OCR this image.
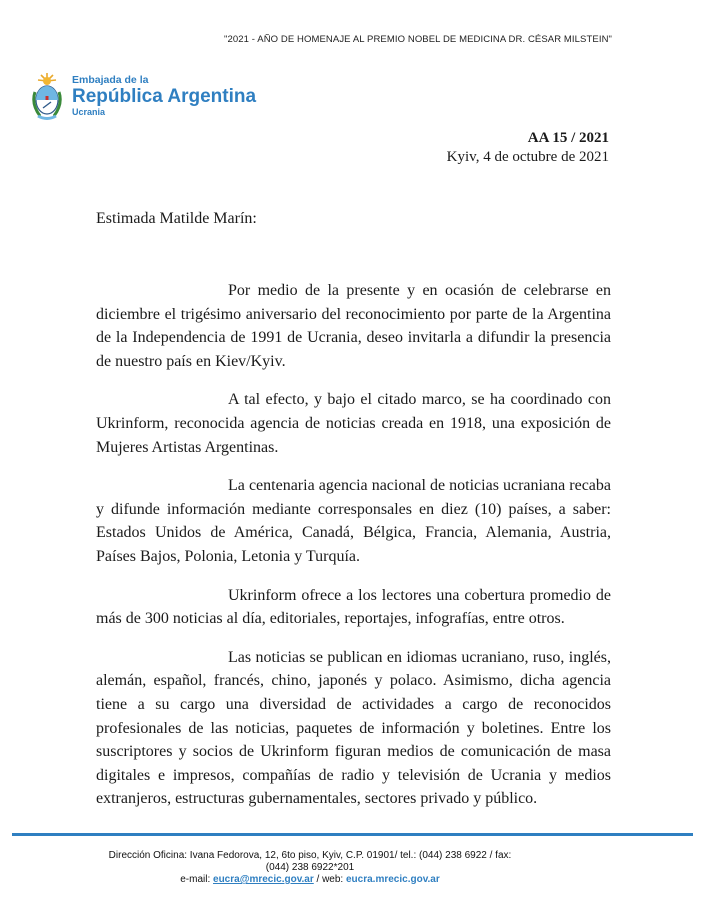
"2021 - AÑO DE HOMENAJE AL PREMIO NOBEL DE MEDICINA DR. CÉSAR MILSTEIN"
Embajada de la
República Argentina
Ucrania
AA 15 / 2021
Kyiv, 4 de octubre de 2021
Estimada Matilde Marín:

Por medio de la presente y en ocasión de celebrarse en diciembre el trigésimo aniversario del reconocimiento por parte de la Argentina de la Independencia de 1991 de Ucrania, deseo invitarla a difundir la presencia de nuestro país en Kiev/Kyiv.

A tal efecto, y bajo el citado marco, se ha coordinado con Ukrinform, reconocida agencia de noticias creada en 1918, una exposición de Mujeres Artistas Argentinas.

La centenaria agencia nacional de noticias ucraniana recaba y difunde información mediante corresponsales en diez (10) países, a saber: Estados Unidos de América, Canadá, Bélgica, Francia, Alemania, Austria, Países Bajos, Polonia, Letonia y Turquía.

Ukrinform ofrece a los lectores una cobertura promedio de más de 300 noticias al día, editoriales, reportajes, infografías, entre otros.

Las noticias se publican en idiomas ucraniano, ruso, inglés, alemán, español, francés, chino, japonés y polaco. Asimismo, dicha agencia tiene a su cargo una diversidad de actividades a cargo de reconocidos profesionales de las noticias, paquetes de información y boletines. Entre los suscriptores y socios de Ukrinform figuran medios de comunicación de masa digitales e impresos, compañías de radio y televisión de Ucrania y medios extranjeros, estructuras gubernamentales, sectores privado y público.

Dirección Oficina: Ivana Fedorova, 12, 6to piso, Kyiv, C.P. 01901/ tel.: (044) 238 6922 / fax: (044) 238 6922*201
e-mail: eucra@mrecic.gov.ar / web: eucra.mrecic.gov.ar
